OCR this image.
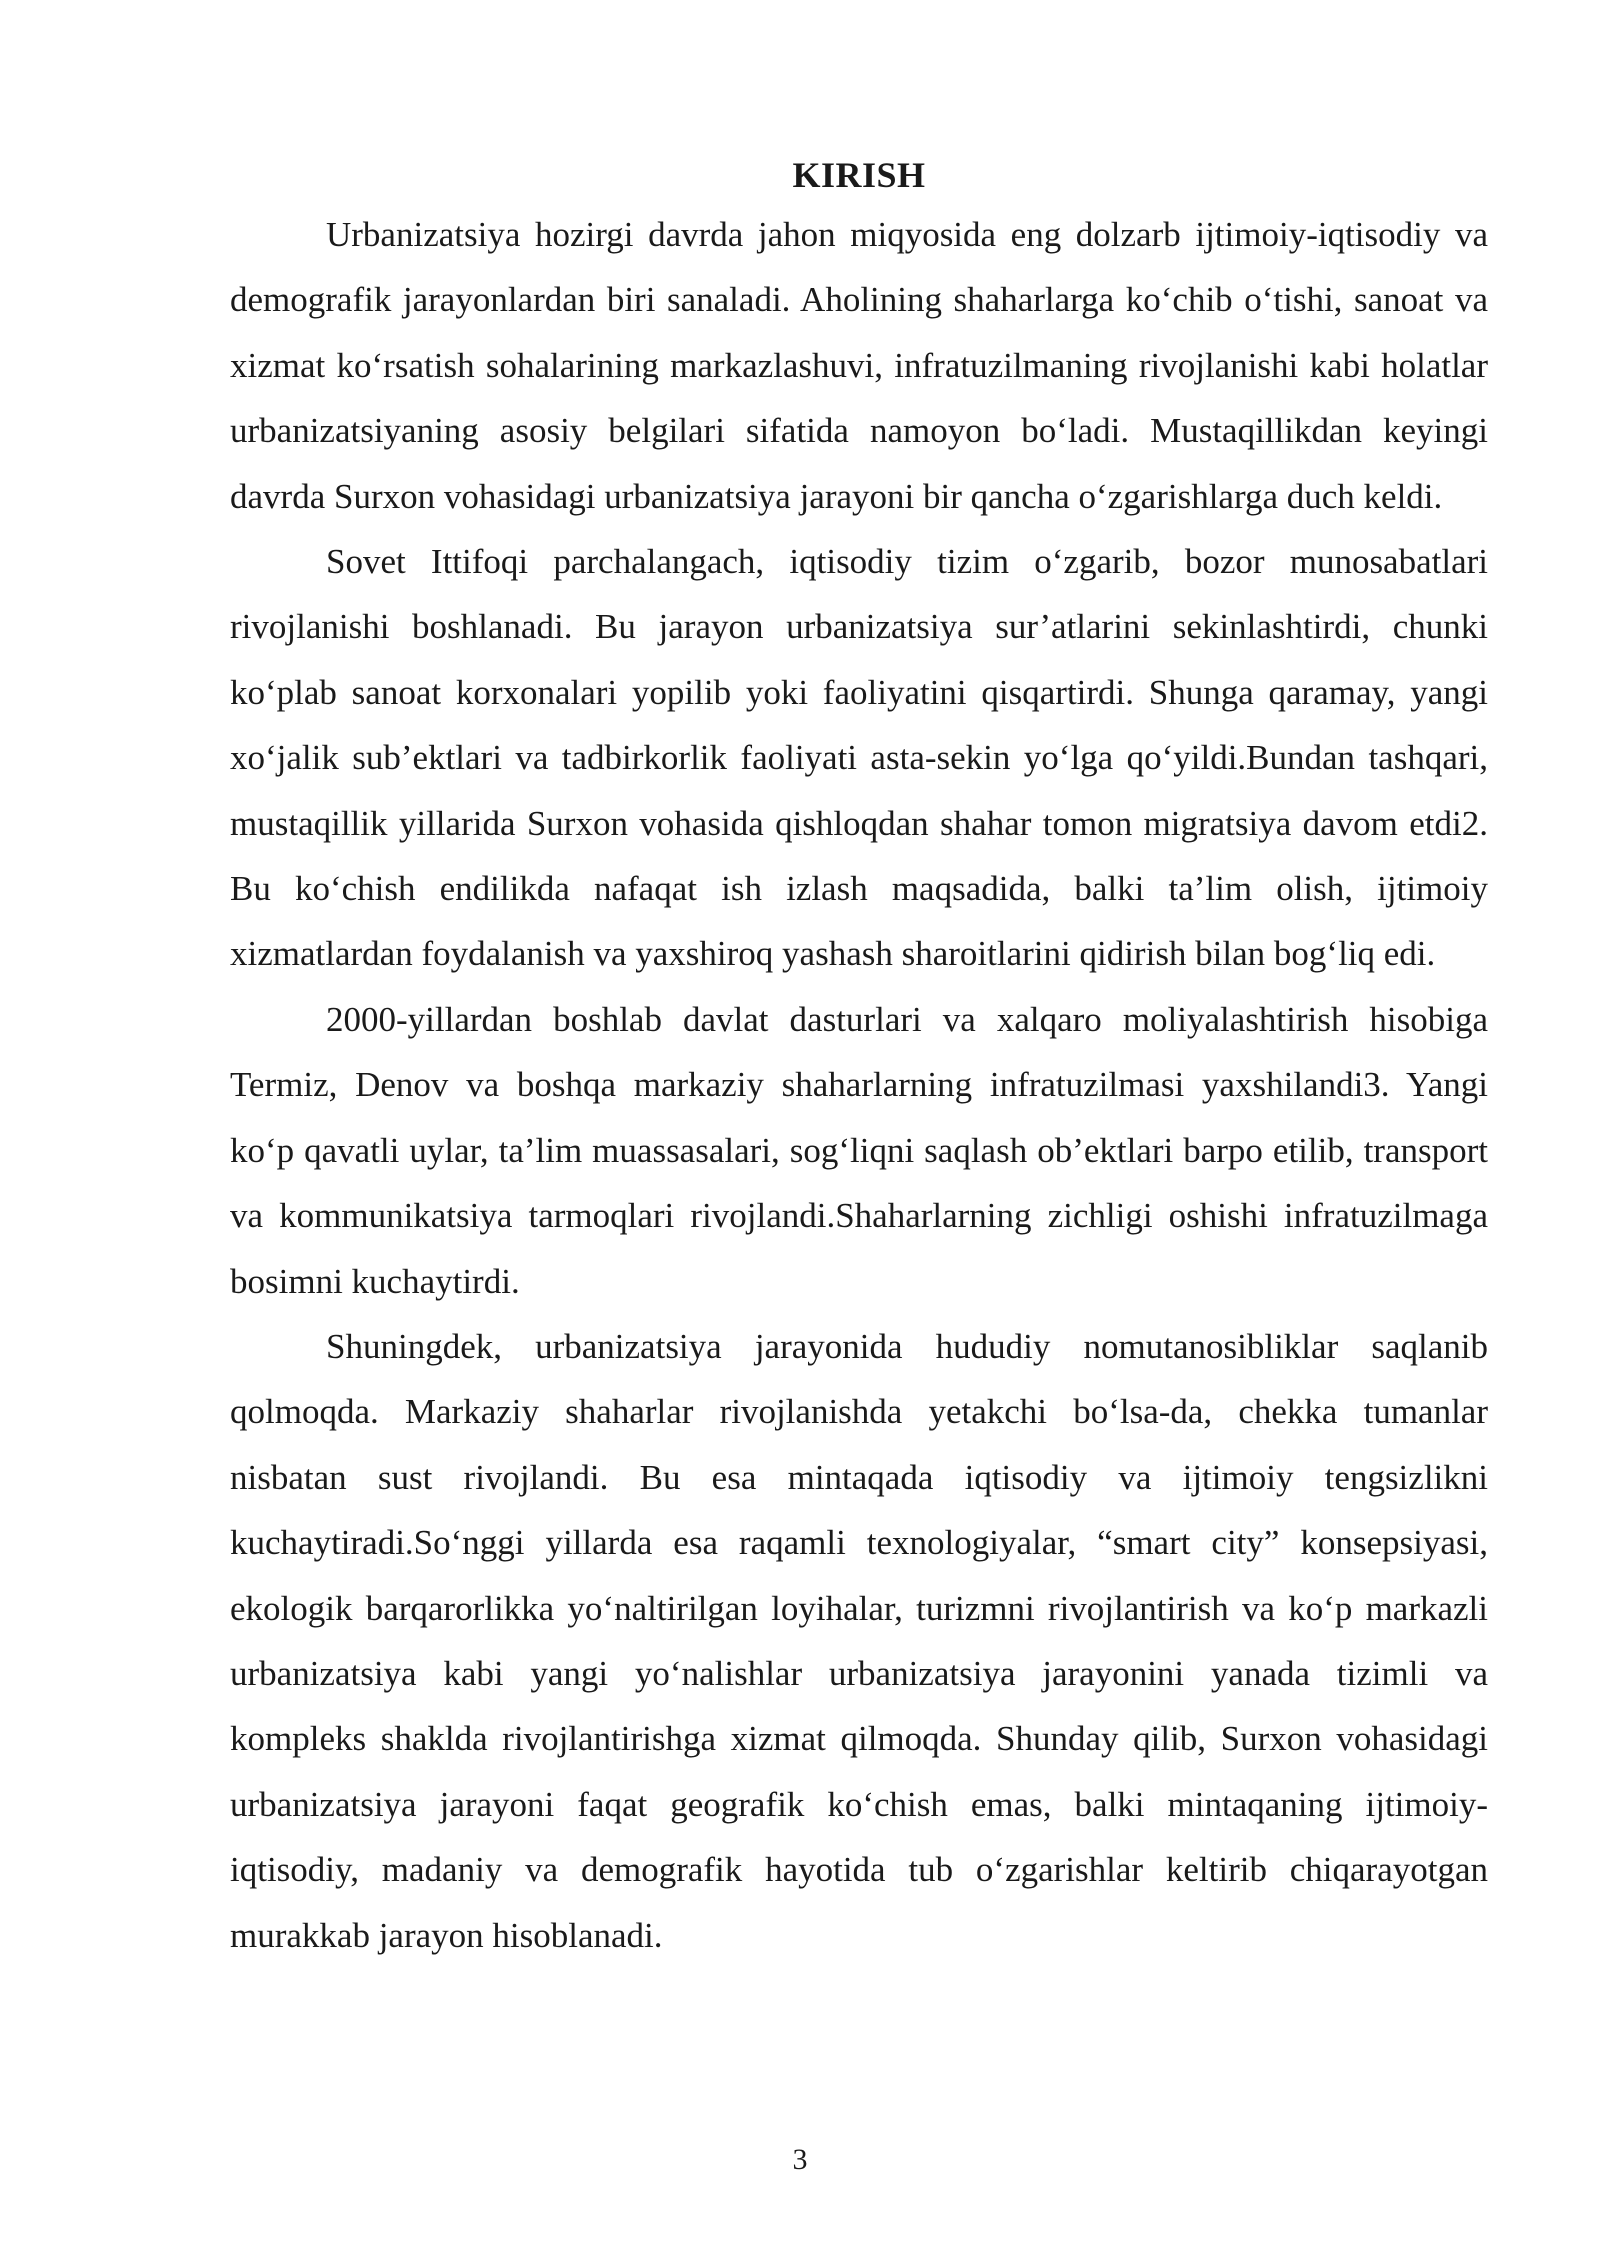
KIRISH

Urbanizatsiya hozirgi davrda jahon miqyosida eng dolzarb ijtimoiy-iqtisodiy va demografik jarayonlardan biri sanaladi. Aholining shaharlarga koʻchib oʻtishi, sanoat va xizmat koʻrsatish sohalarining markazlashuvi, infratuzilmaning rivojlanishi kabi holatlar urbanizatsiyaning asosiy belgilari sifatida namoyon boʻladi. Mustaqillikdan keyingi davrda Surxon vohasidagi urbanizatsiya jarayoni bir qancha oʻzgarishlarga duch keldi.

Sovet Ittifoqi parchalangach, iqtisodiy tizim oʻzgarib, bozor munosabatlari rivojlanishi boshlanadi. Bu jarayon urbanizatsiya sur’atlarini sekinlashtirdi, chunki koʻplab sanoat korxonalari yopilib yoki faoliyatini qisqartirdi. Shunga qaramay, yangi xoʻjalik sub’ektlari va tadbirkorlik faoliyati asta-sekin yoʻlga qoʻyildi.Bundan tashqari, mustaqillik yillarida Surxon vohasida qishloqdan shahar tomon migratsiya davom etdi2. Bu koʻchish endilikda nafaqat ish izlash maqsadida, balki ta’lim olish, ijtimoiy xizmatlardan foydalanish va yaxshiroq yashash sharoitlarini qidirish bilan bogʻliq edi.

2000-yillardan boshlab davlat dasturlari va xalqaro moliyalashtirish hisobiga Termiz, Denov va boshqa markaziy shaharlarning infratuzilmasi yaxshilandi3. Yangi koʻp qavatli uylar, ta’lim muassasalari, sogʻliqni saqlash ob’ektlari barpo etilib, transport va kommunikatsiya tarmoqlari rivojlandi.Shaharlarning zichligi oshishi infratuzilmaga bosimni kuchaytirdi.

Shuningdek, urbanizatsiya jarayonida hududiy nomutanosibliklar saqlanib qolmoqda. Markaziy shaharlar rivojlanishda yetakchi boʻlsa-da, chekka tumanlar nisbatan sust rivojlandi. Bu esa mintaqada iqtisodiy va ijtimoiy tengsizlikni kuchaytiradi.Soʻnggi yillarda esa raqamli texnologiyalar, “smart city” konsepsiyasi, ekologik barqarorlikka yoʻnaltirilgan loyihalar, turizmni rivojlantirish va koʻp markazli urbanizatsiya kabi yangi yoʻnalishlar urbanizatsiya jarayonini yanada tizimli va kompleks shaklda rivojlantirishga xizmat qilmoqda. Shunday qilib, Surxon vohasidagi urbanizatsiya jarayoni faqat geografik koʻchish emas, balki mintaqaning ijtimoiy-iqtisodiy, madaniy va demografik hayotida tub oʻzgarishlar keltirib chiqarayotgan murakkab jarayon hisoblanadi.

3
